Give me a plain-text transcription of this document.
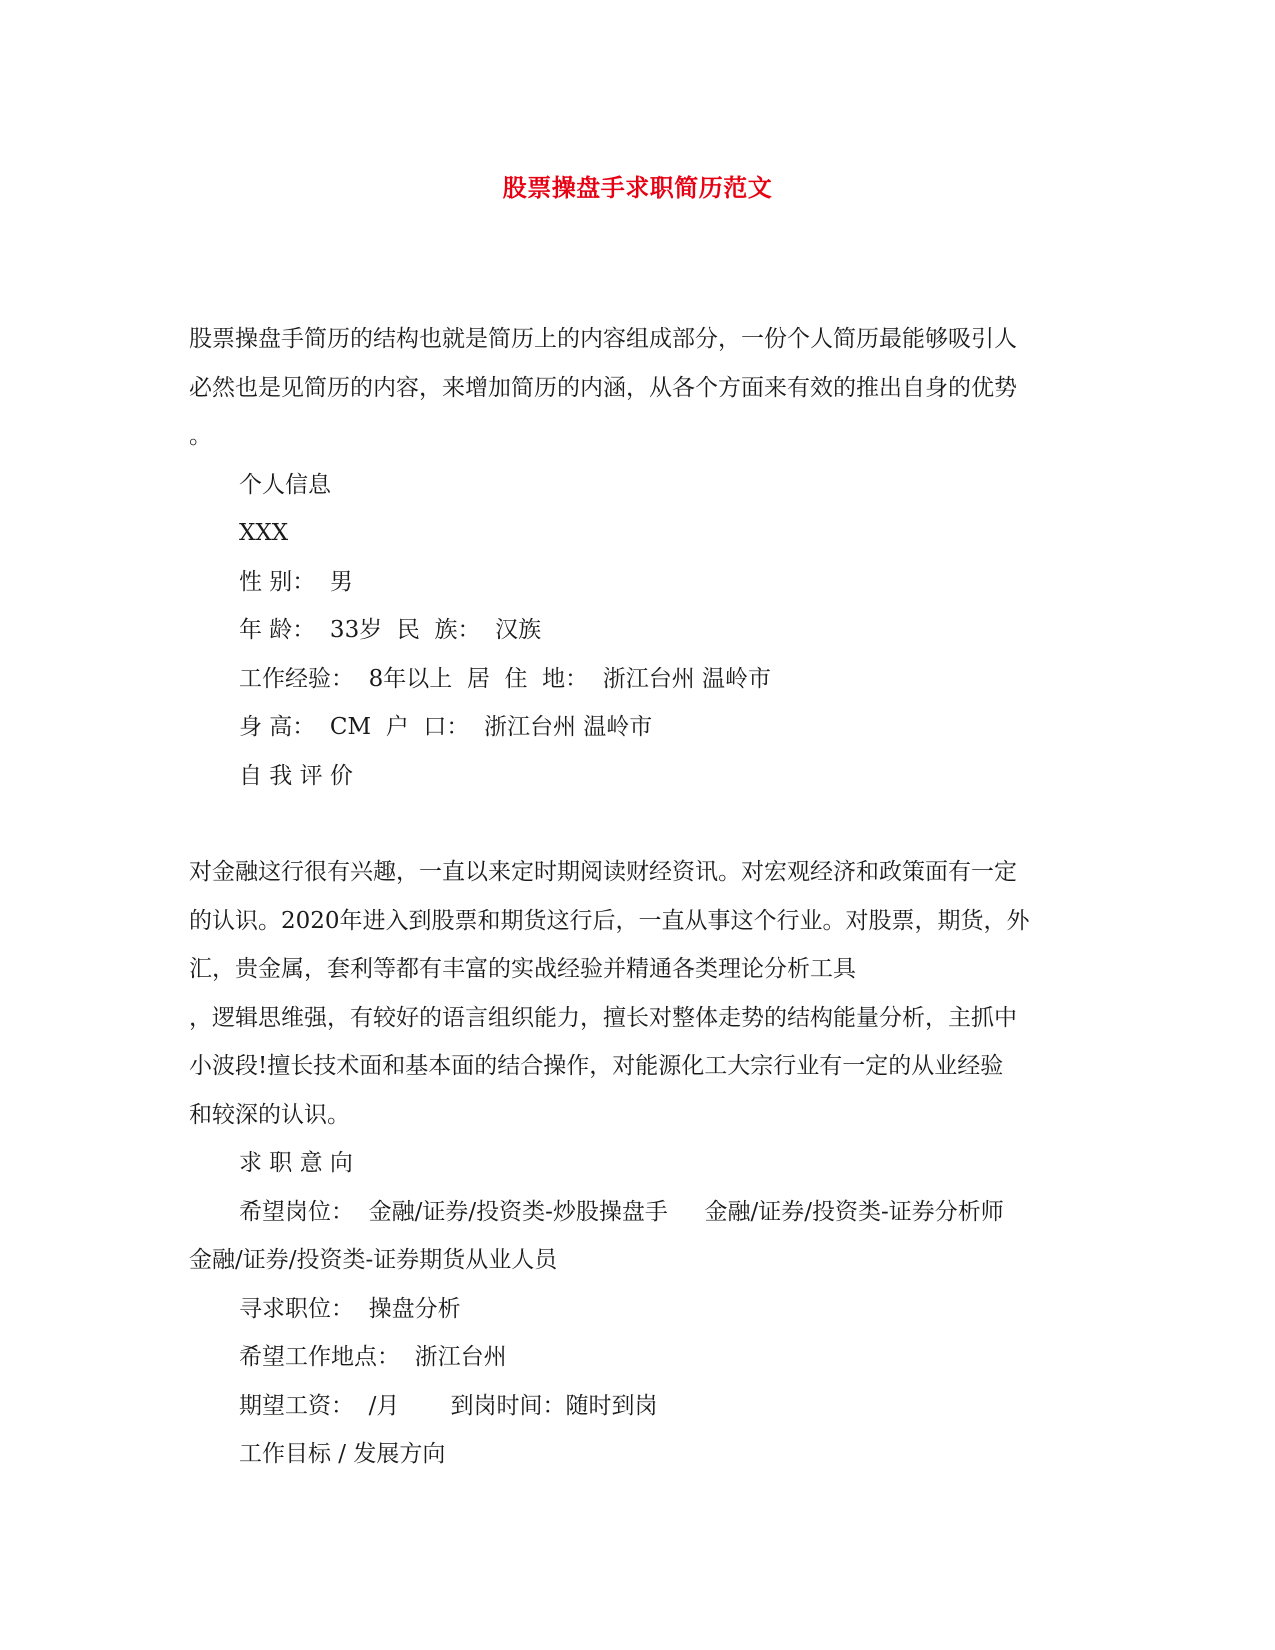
股票操盘手求职简历范文
股票操盘手简历的结构也就是简历上的内容组成部分，一份个人简历最能够吸引人
必然也是见简历的内容，来增加简历的内涵，从各个方面来有效的推出自身的优势
。
个人信息
XXX
性 别：  男
年 龄：  33岁  民  族：  汉族
工作经验：  8年以上  居  住  地：  浙江台州 温岭市
身 高：  CM  户  口：  浙江台州 温岭市
自 我 评 价
对金融这行很有兴趣，一直以来定时期阅读财经资讯。对宏观经济和政策面有一定
的认识。2020年进入到股票和期货这行后，一直从事这个行业。对股票，期货，外
汇，贵金属，套利等都有丰富的实战经验并精通各类理论分析工具
，逻辑思维强，有较好的语言组织能力，擅长对整体走势的结构能量分析，主抓中
小波段!擅长技术面和基本面的结合操作，对能源化工大宗行业有一定的从业经验
和较深的认识。
求 职 意 向
希望岗位：  金融/证券/投资类-炒股操盘手     金融/证券/投资类-证券分析师
金融/证券/投资类-证券期货从业人员
寻求职位：  操盘分析
希望工作地点：  浙江台州
期望工资：  /月       到岗时间：随时到岗
工作目标 / 发展方向
